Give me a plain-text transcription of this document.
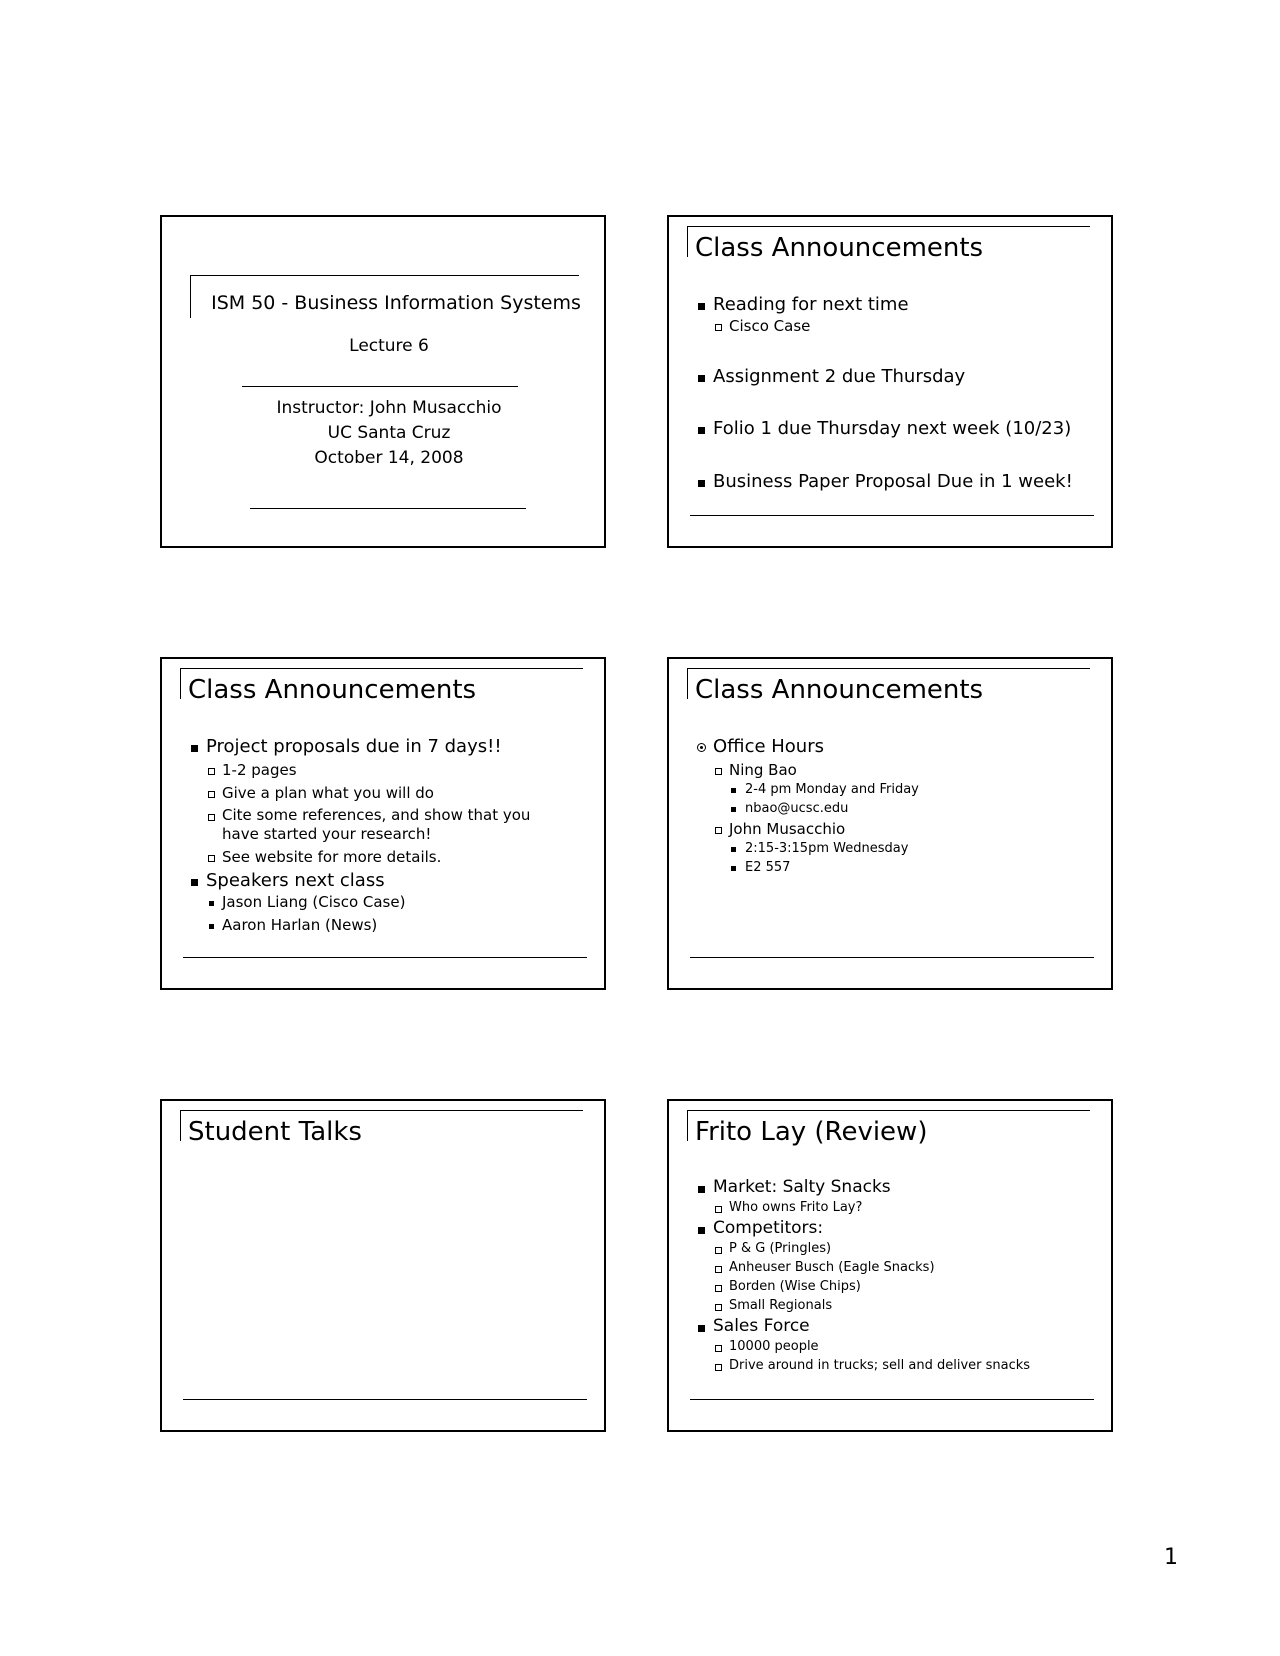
ISM 50 - Business Information Systems
Lecture 6
Instructor: John Musacchio
UC Santa Cruz
October 14, 2008
Class Announcements
Reading for next time
Cisco Case
Assignment 2 due Thursday
Folio 1 due Thursday next week (10/23)
Business Paper Proposal Due in 1 week!
Class Announcements
Project proposals due in 7 days!!
1-2 pages
Give a plan what you will do
Cite some references, and show that you have started your research!
See website for more details.
Speakers next class
Jason Liang (Cisco Case)
Aaron Harlan (News)
Class Announcements
Office Hours
Ning Bao
2-4 pm Monday and Friday
nbao@ucsc.edu
John Musacchio
2:15-3:15pm Wednesday
E2 557
Student Talks	Frito Lay (Review)
Market: Salty Snacks
Who owns Frito Lay?
Competitors:
P & G (Pringles)
Anheuser Busch (Eagle Snacks)
Borden (Wise Chips)
Small Regionals
Sales Force
10000 people
Drive around in trucks; sell and deliver snacks
1
